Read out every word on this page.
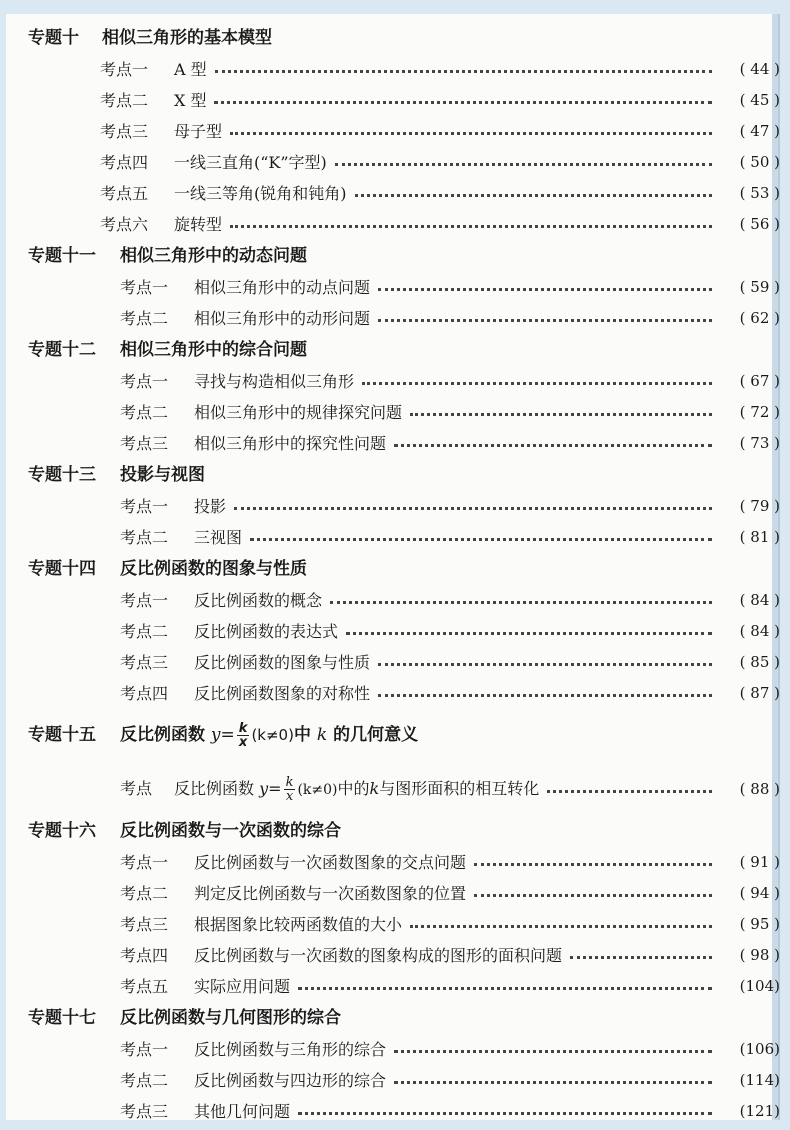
专题十 相似三角形的基本模型
考点一	A 型	( 44 )
考点二	X 型	( 45 )
考点三	母子型	( 47 )
考点四	一线三直角(“K”字型)	( 50 )
考点五	一线三等角(锐角和钝角)	( 53 )
考点六	旋转型	( 56 )
专题十一 相似三角形中的动态问题
考点一	相似三角形中的动点问题	( 59 )
考点二	相似三角形中的动形问题	( 62 )
专题十二 相似三角形中的综合问题
考点一	寻找与构造相似三角形	( 67 )
考点二	相似三角形中的规律探究问题	( 72 )
考点三	相似三角形中的探究性问题	( 73 )
专题十三 投影与视图
考点一	投影	( 79 )
考点二	三视图	( 81 )
专题十四 反比例函数的图象与性质
考点一	反比例函数的概念	( 84 )
考点二	反比例函数的表达式	( 84 )
考点三	反比例函数的图象与性质	( 85 )
考点四	反比例函数图象的对称性	( 87 )
专题十五 反比例函数 $y= \frac{k}{x} (k\ne 0)$中 k 的几何意义
考点	反比例函数 $y= \frac{k}{x} (k\ne 0)$中的k与图形面积的相互转化	( 88 )
专题十六 反比例函数与一次函数的综合
考点一	反比例函数与一次函数图象的交点问题	( 91 )
考点二	判定反比例函数与一次函数图象的位置	( 94 )
考点三	根据图象比较两函数值的大小	( 95 )
考点四	反比例函数与一次函数的图象构成的图形的面积问题	( 98 )
考点五	实际应用问题	(104)
专题十七 反比例函数与几何图形的综合
考点一	反比例函数与三角形的综合	(106)
考点二	反比例函数与四边形的综合	(114)
考点三	其他几何问题	(121)
